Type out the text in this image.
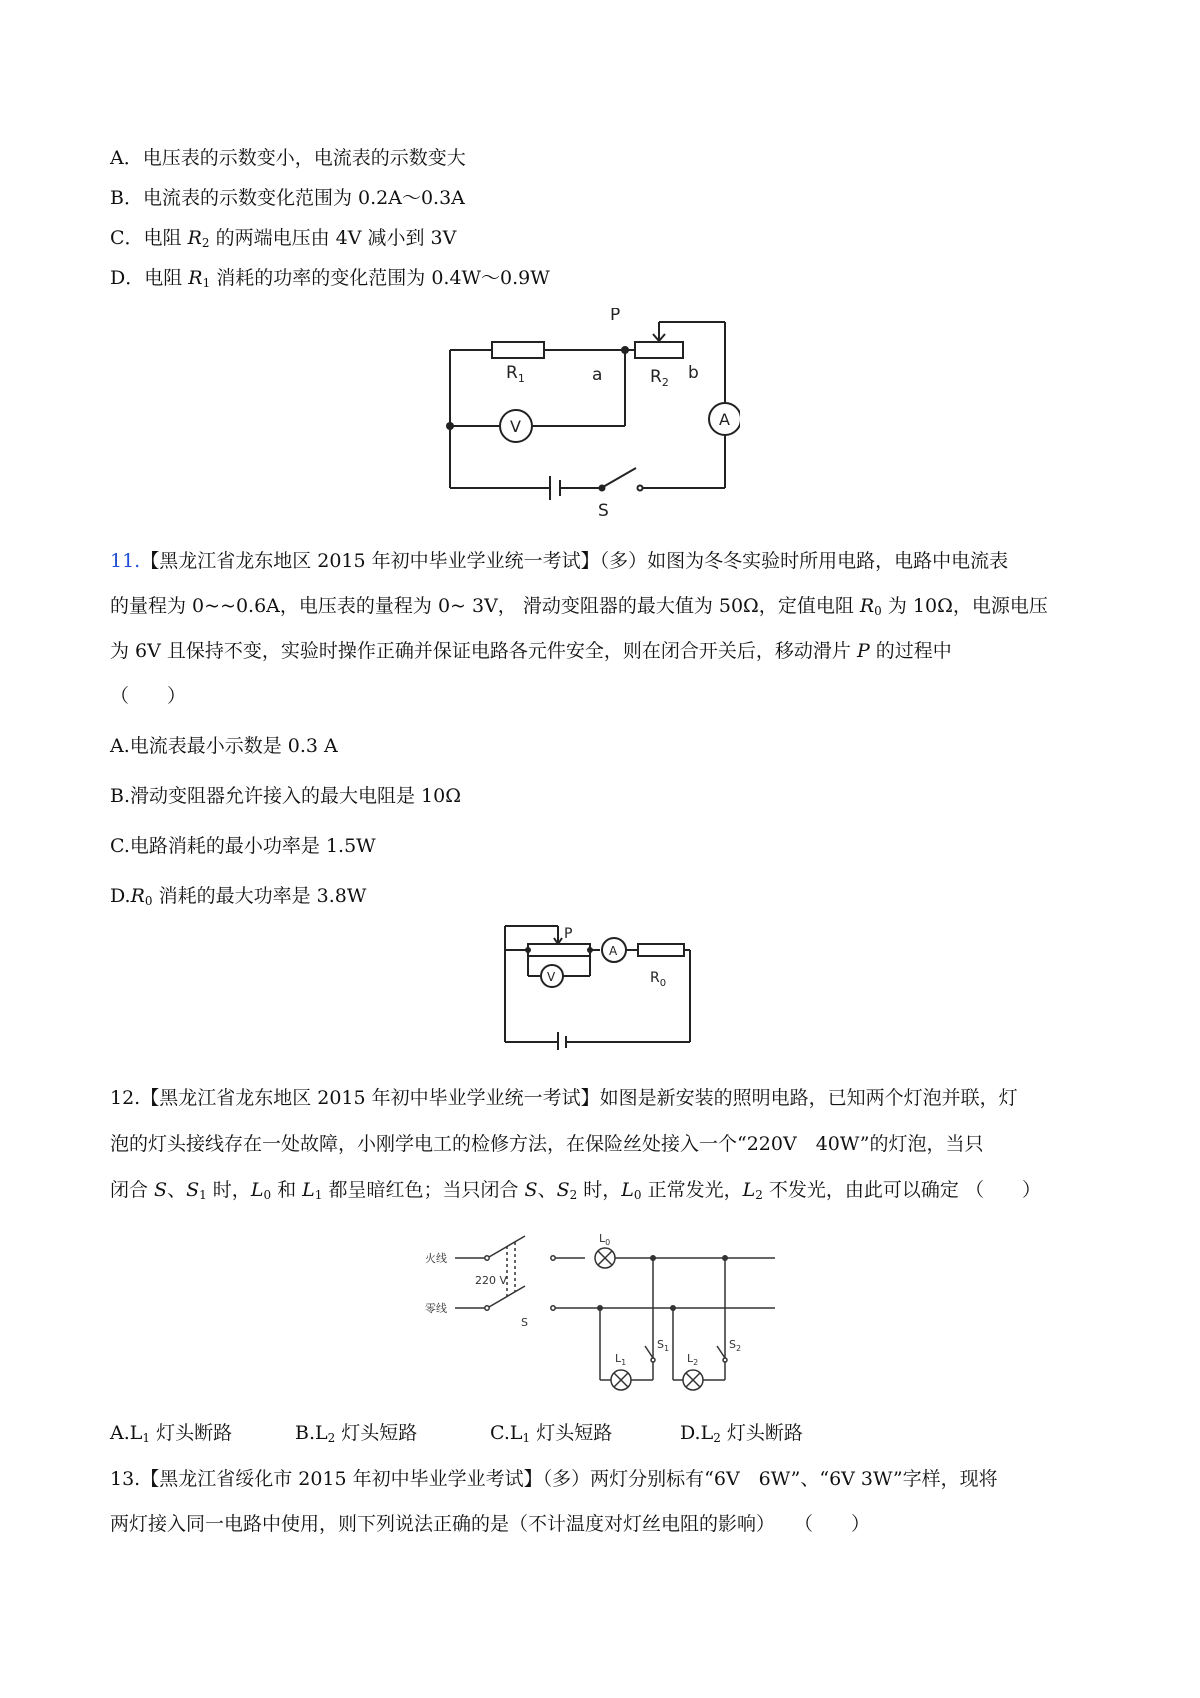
A．电压表的示数变小，电流表的示数变大
B．电流表的示数变化范围为 0.2A～0.3A
C．电阻 $R_2$ 的两端电压由 4V 减小到 3V
D．电阻 $R_1$ 消耗的功率的变化范围为 0.4W～0.9W
P
$R_1$	a	$R_2$ b
V	A
S
11.【黑龙江省龙东地区 2015 年初中毕业学业统一考试】（多）如图为冬冬实验时所用电路，电路中电流表
的量程为 0~~0.6A，电压表的量程为 0~ 3V， 滑动变阻器的最大值为 50Ω，定值电阻 $R_0$ 为 10Ω，电源电压
为 6V 且保持不变，实验时操作正确并保证电路各元件安全，则在闭合开关后，移动滑片 P 的过程中
（　　）
A.电流表最小示数是 0.3 A
B.滑动变阻器允许接入的最大电阻是 10Ω
C.电路消耗的最小功率是 1.5W
$D.R_0$ 消耗的最大功率是 3.8W
P
V
A
$R_0$
12.【黑龙江省龙东地区 2015 年初中毕业学业统一考试】如图是新安装的照明电路，已知两个灯泡并联，灯
泡的灯头接线存在一处故障，小刚学电工的检修方法，在保险丝处接入一个“220V　40W”的灯泡，当只
闭合 S、$S_1$ 时，$L_0$ 和 $L_1$ 都呈暗红色；当只闭合 S、$S_2$ 时，$L_0$ 正常发光，$L_2$ 不发光，由此可以确定 （　　）
火线
零线
220 V
S
$L_0$
$L_1$
$S_1$
$L_2$
$S_2$
$A.L_1$ 灯头断路	$B.L_2$ 灯头短路	$C.L_1$ 灯头短路	$D.L_2$ 灯头断路
13.【黑龙江省绥化市 2015 年初中毕业学业考试】（多）两灯分别标有“6V　6W”、“6V 3W”字样，现将
两灯接入同一电路中使用，则下列说法正确的是（不计温度对灯丝电阻的影响）　　（　　）
